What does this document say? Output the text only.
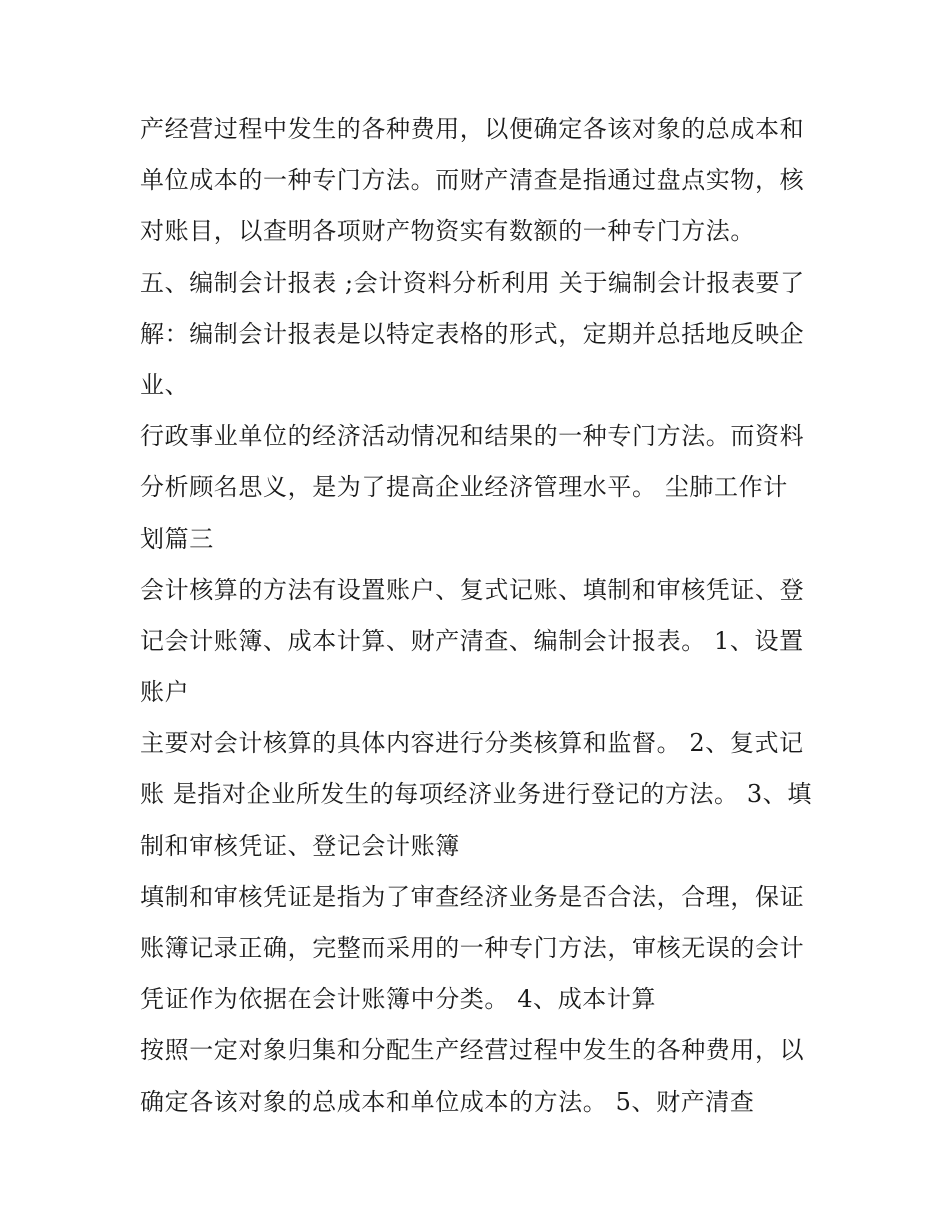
产经营过程中发生的各种费用，以便确定各该对象的总成本和
单位成本的一种专门方法。而财产清查是指通过盘点实物，核
对账目，以查明各项财产物资实有数额的一种专门方法。
五、编制会计报表 ;会计资料分析利用 关于编制会计报表要了
解：编制会计报表是以特定表格的形式，定期并总括地反映企
业、
行政事业单位的经济活动情况和结果的一种专门方法。而资料
分析顾名思义，是为了提高企业经济管理水平。 尘肺工作计
划篇三
会计核算的方法有设置账户、复式记账、填制和审核凭证、登
记会计账簿、成本计算、财产清查、编制会计报表。 1、设置
账户
主要对会计核算的具体内容进行分类核算和监督。 2、复式记
账 是指对企业所发生的每项经济业务进行登记的方法。 3、填
制和审核凭证、登记会计账簿
填制和审核凭证是指为了审查经济业务是否合法，合理，保证
账簿记录正确，完整而采用的一种专门方法，审核无误的会计
凭证作为依据在会计账簿中分类。 4、成本计算
按照一定对象归集和分配生产经营过程中发生的各种费用，以
确定各该对象的总成本和单位成本的方法。 5、财产清查
